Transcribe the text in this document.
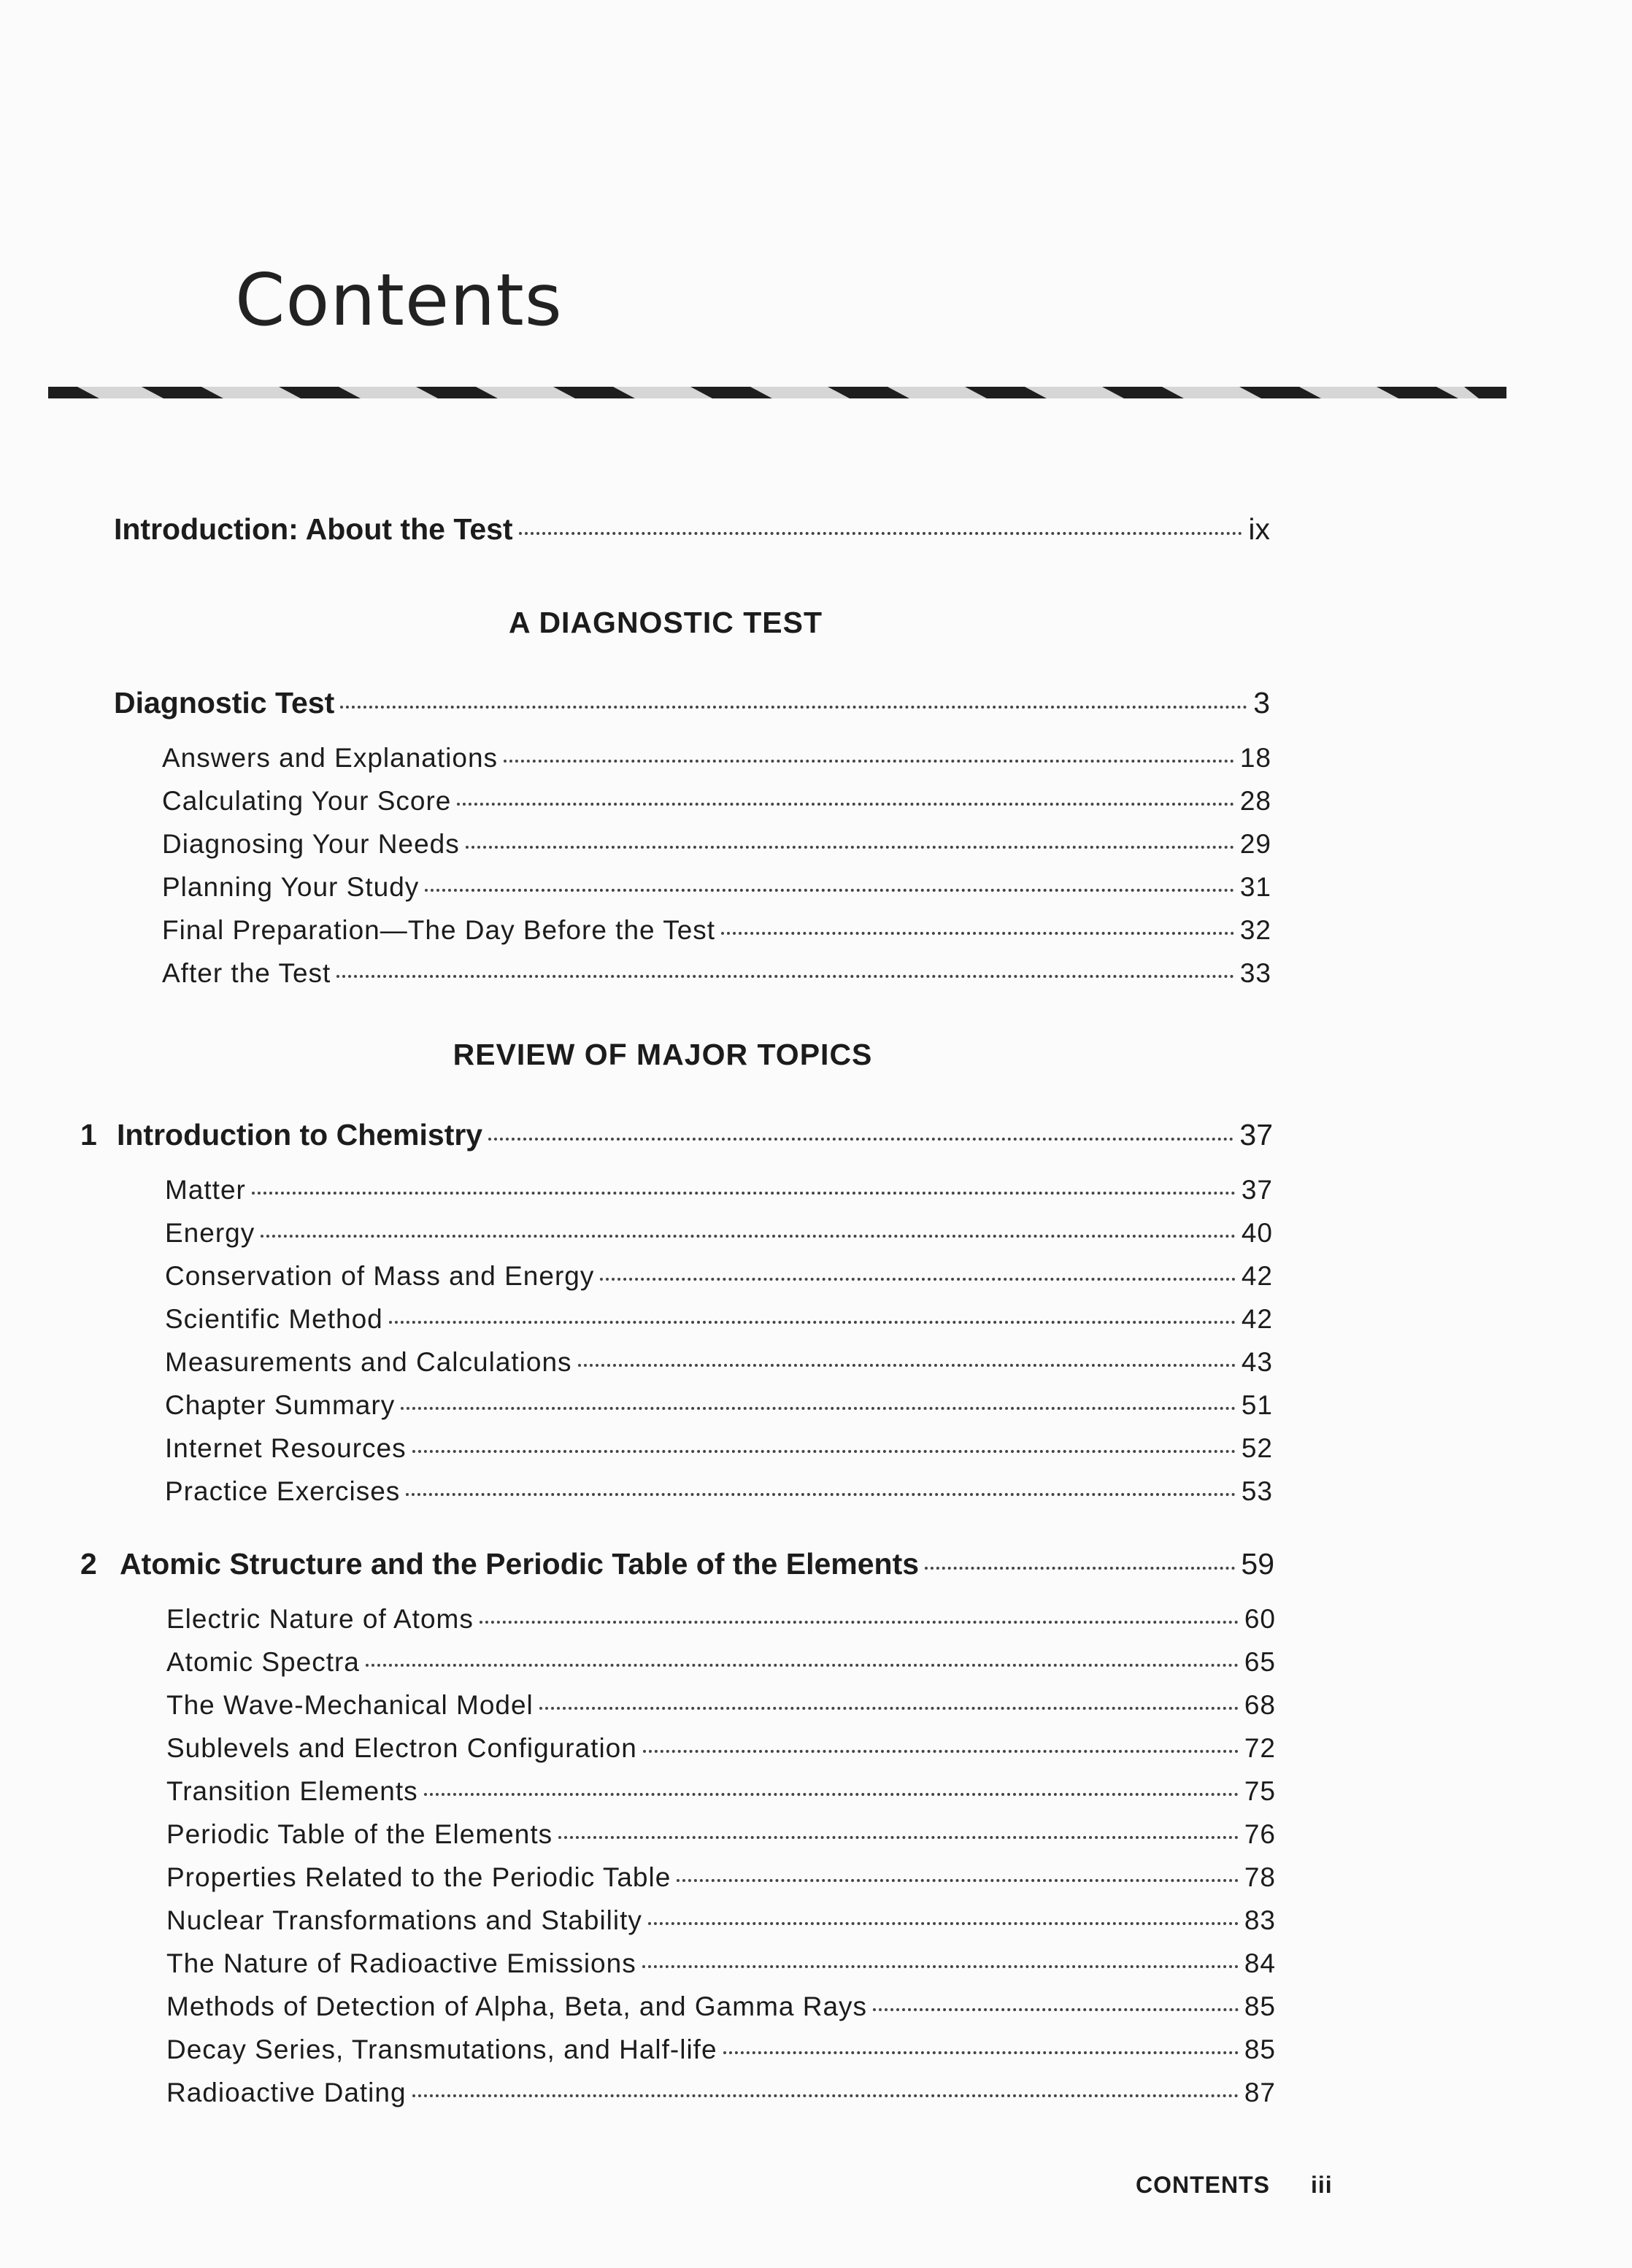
Contents
Introduction: About the Test	ix
A DIAGNOSTIC TEST
Diagnostic Test	3
Answers and Explanations	18
Calculating Your Score	28
Diagnosing Your Needs	29
Planning Your Study	31
Final Preparation—The Day Before the Test	32
After the Test	33
REVIEW OF MAJOR TOPICS
1 Introduction to Chemistry	37
Matter	37
Energy	40
Conservation of Mass and Energy	42
Scientific Method	42
Measurements and Calculations	43
Chapter Summary	51
Internet Resources	52
Practice Exercises	53
2 Atomic Structure and the Periodic Table of the Elements	59
Electric Nature of Atoms	60
Atomic Spectra	65
The Wave-Mechanical Model	68
Sublevels and Electron Configuration	72
Transition Elements	75
Periodic Table of the Elements	76
Properties Related to the Periodic Table	78
Nuclear Transformations and Stability	83
The Nature of Radioactive Emissions	84
Methods of Detection of Alpha, Beta, and Gamma Rays	85
Decay Series, Transmutations, and Half-life	85
Radioactive Dating	87
CONTENTS iii
